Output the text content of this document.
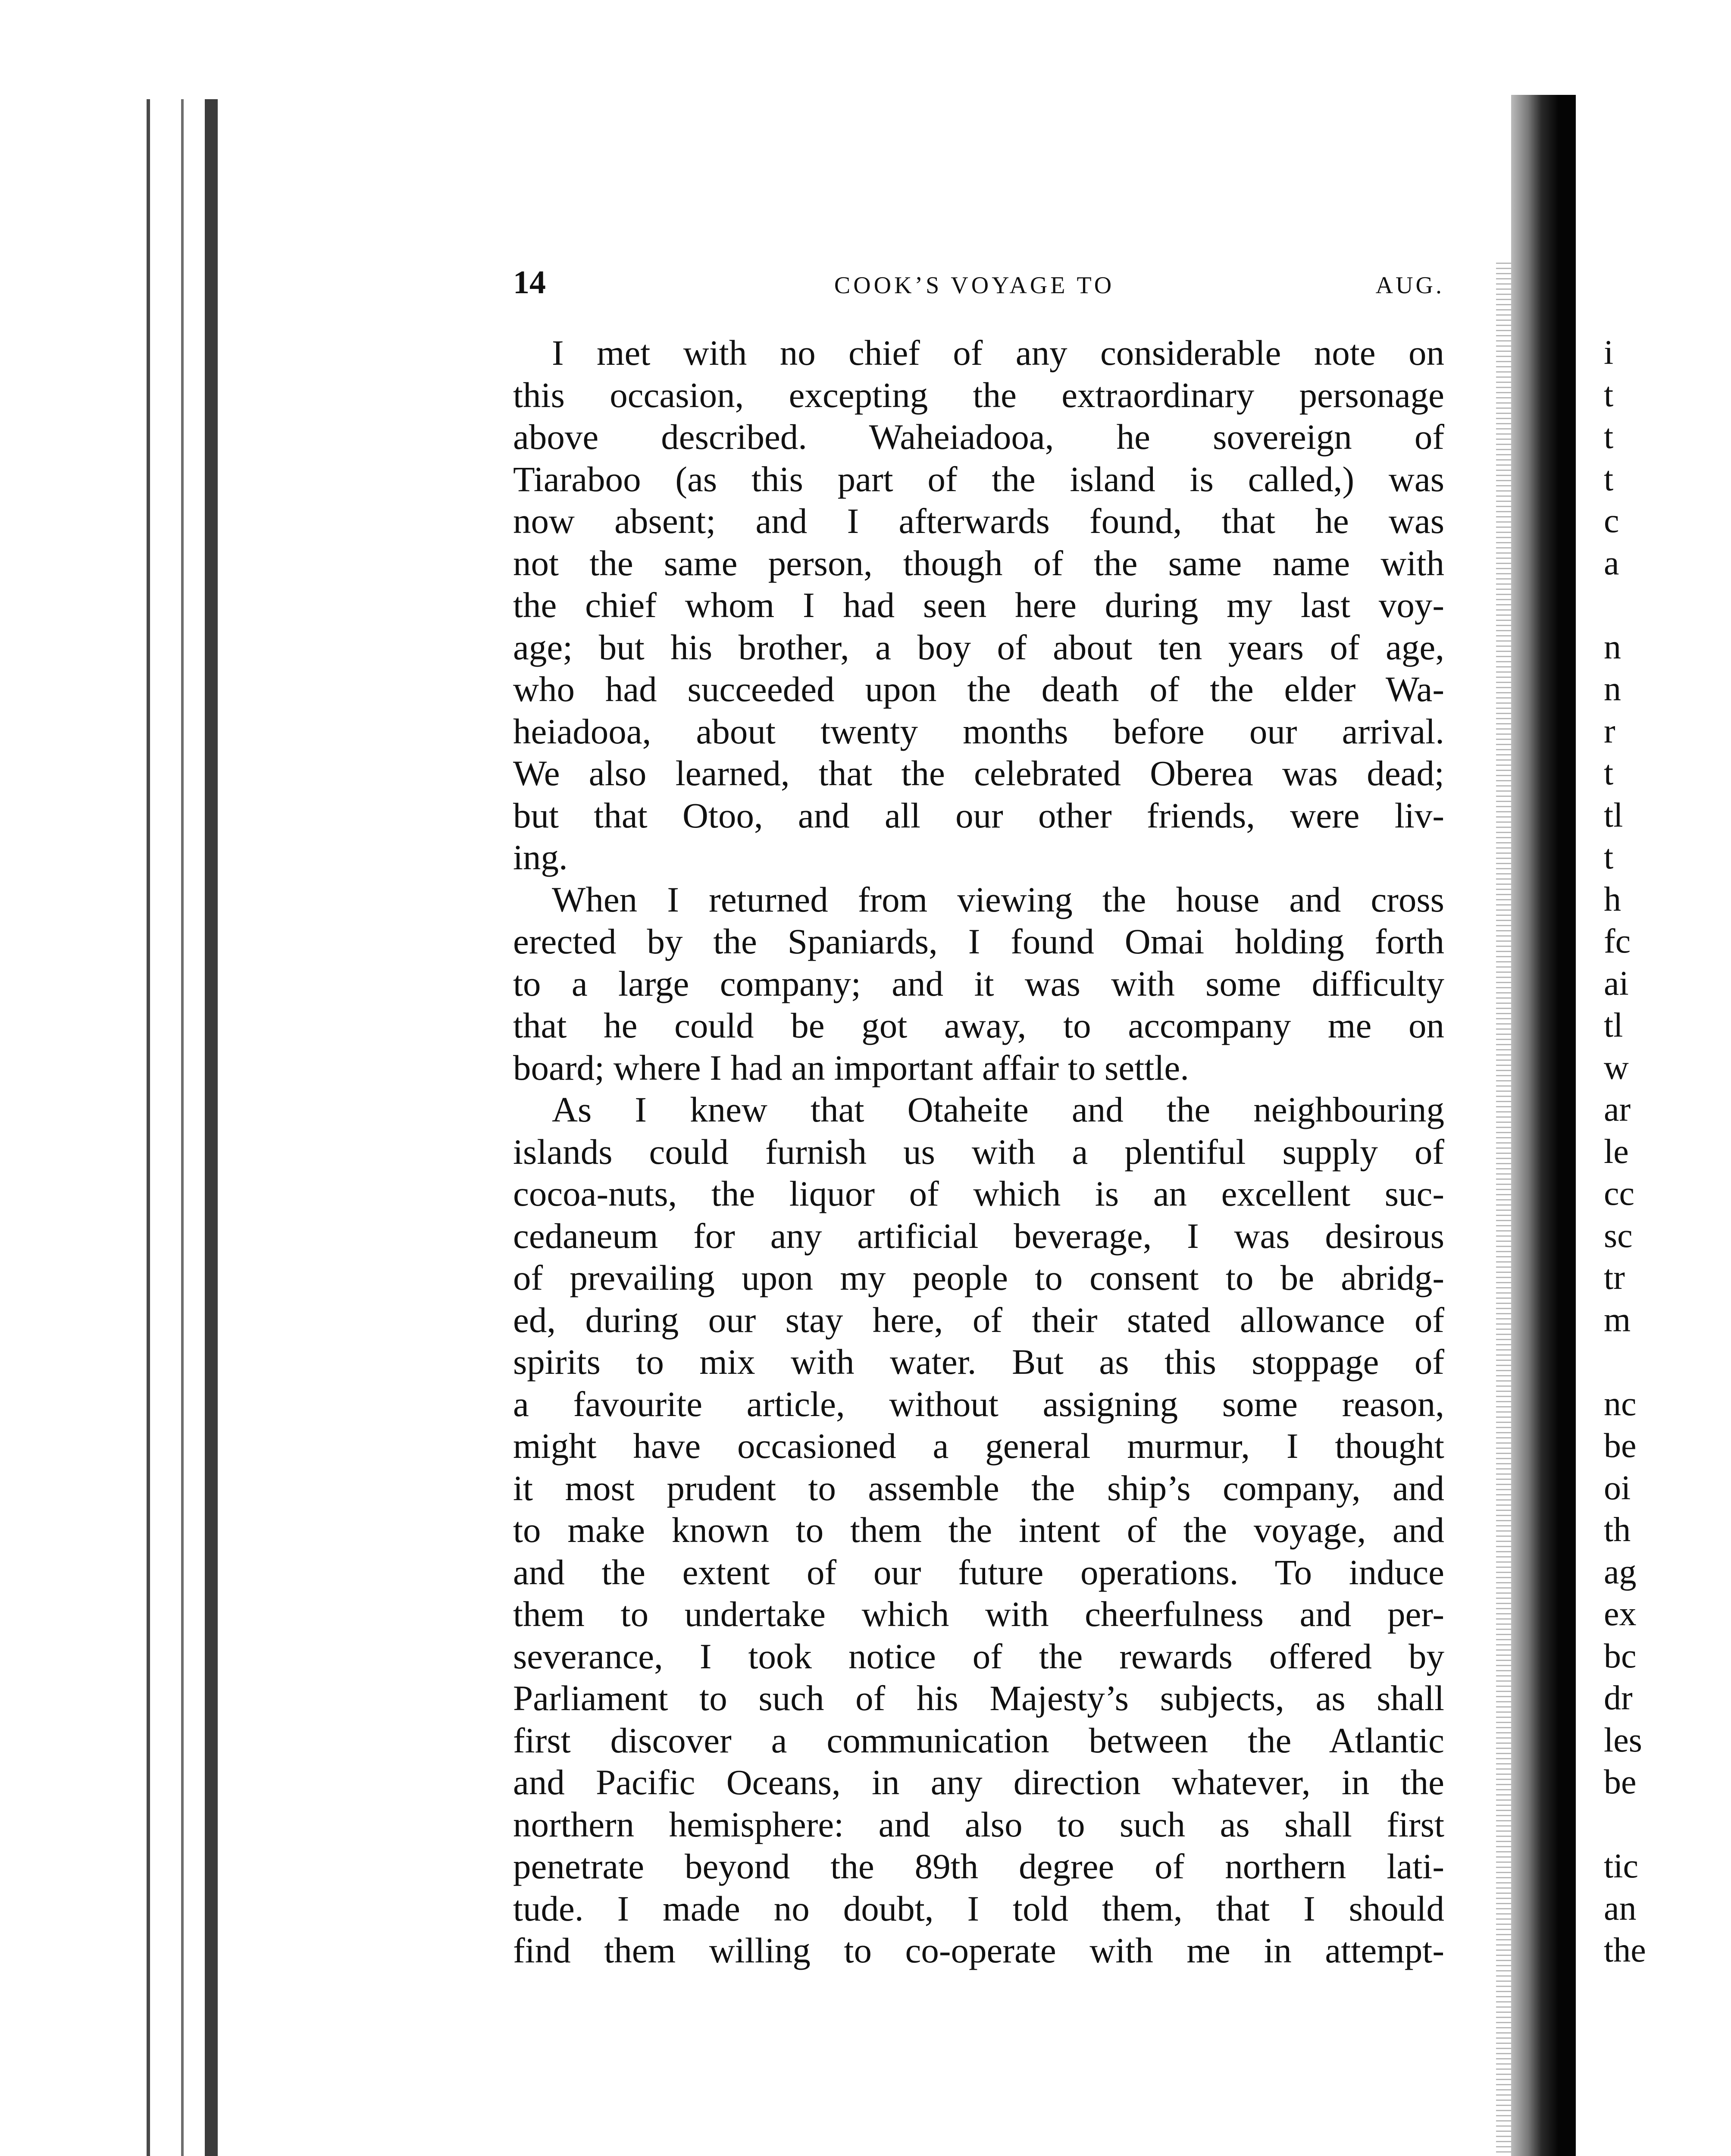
14	COOK’S VOYAGE TO	AUG.
I met with no chief of any considerable note on
this occasion, excepting the extraordinary personage
above described. Waheiadooa, he sovereign of
Tiaraboo (as this part of the island is called,) was
now absent; and I afterwards found, that he was
not the same person, though of the same name with
the chief whom I had seen here during my last voy-
age; but his brother, a boy of about ten years of age,
who had succeeded upon the death of the elder Wa-
heiadooa, about twenty months before our arrival.
We also learned, that the celebrated Oberea was dead;
but that Otoo, and all our other friends, were liv-
ing.
When I returned from viewing the house and cross
erected by the Spaniards, I found Omai holding forth
to a large company; and it was with some difficulty
that he could be got away, to accompany me on
board; where I had an important affair to settle.
As I knew that Otaheite and the neighbouring
islands could furnish us with a plentiful supply of
cocoa-nuts, the liquor of which is an excellent suc-
cedaneum for any artificial beverage, I was desirous
of prevailing upon my people to consent to be abridg-
ed, during our stay here, of their stated allowance of
spirits to mix with water. But as this stoppage of
a favourite article, without assigning some reason,
might have occasioned a general murmur, I thought
it most prudent to assemble the ship’s company, and
to make known to them the intent of the voyage, and
and the extent of our future operations. To induce
them to undertake which with cheerfulness and per-
severance, I took notice of the rewards offered by
Parliament to such of his Majesty’s subjects, as shall
first discover a communication between the Atlantic
and Pacific Oceans, in any direction whatever, in the
northern hemisphere: and also to such as shall first
penetrate beyond the 89th degree of northern lati-
tude. I made no doubt, I told them, that I should
find them willing to co-operate with me in attempt-
i
t
t
t
c
a
n
n
r
t
tl
t
h
fc
ai
tl
w
ar
le
cc
sc
tr
m
nc
be
oi
th
ag
ex
bc
dr
les
be
tic
an
the
